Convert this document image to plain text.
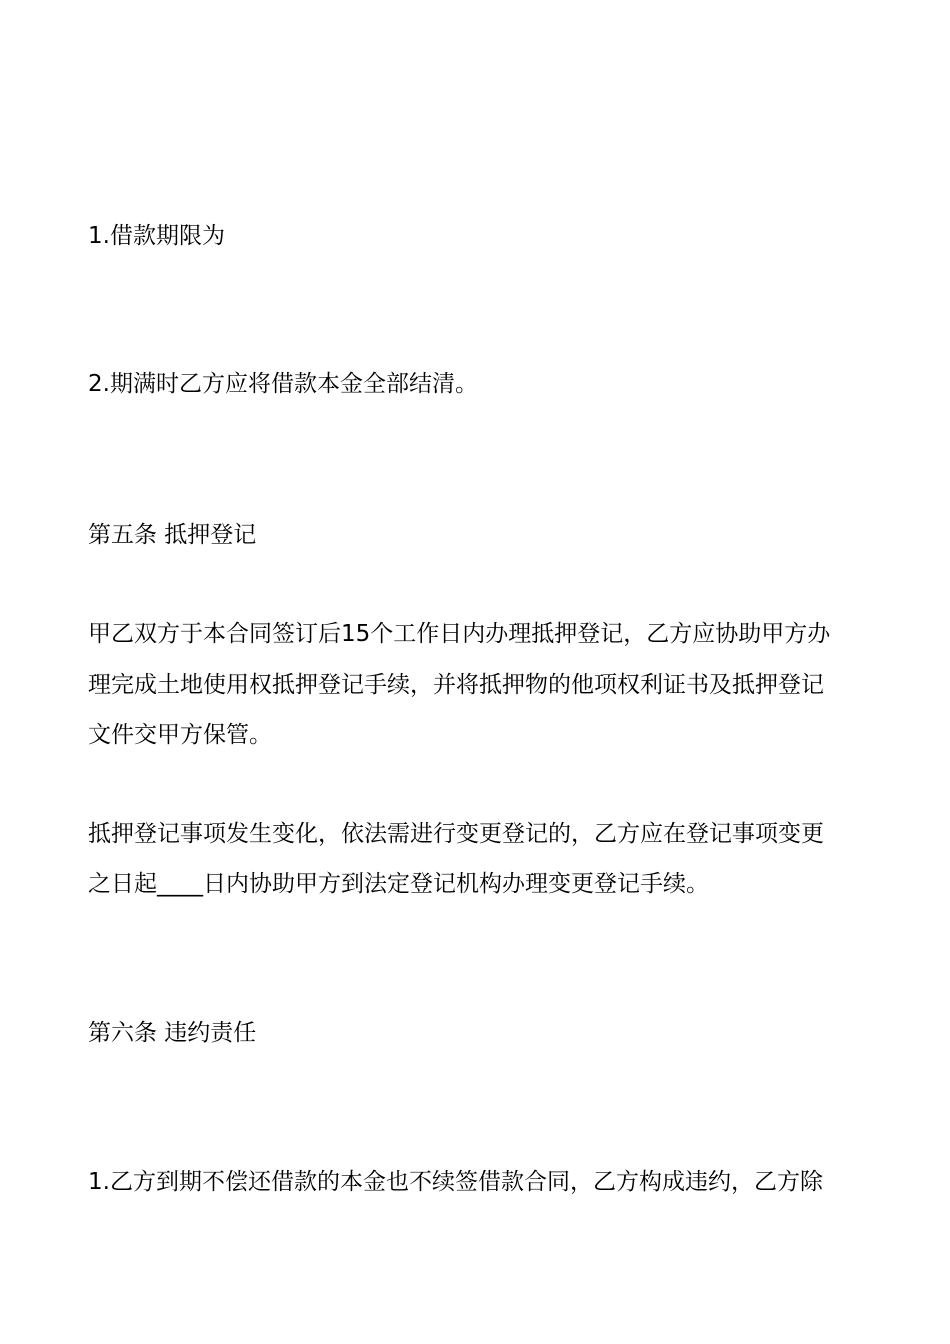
1.借款期限为
2.期满时乙方应将借款本金全部结清。
第五条 抵押登记
甲乙双方于本合同签订后15个工作日内办理抵押登记，乙方应协助甲方办
理完成土地使用权抵押登记手续，并将抵押物的他项权利证书及抵押登记
文件交甲方保管。
抵押登记事项发生变化，依法需进行变更登记的，乙方应在登记事项变更
之日起____日内协助甲方到法定登记机构办理变更登记手续。
第六条 违约责任
1.乙方到期不偿还借款的本金也不续签借款合同，乙方构成违约，乙方除
